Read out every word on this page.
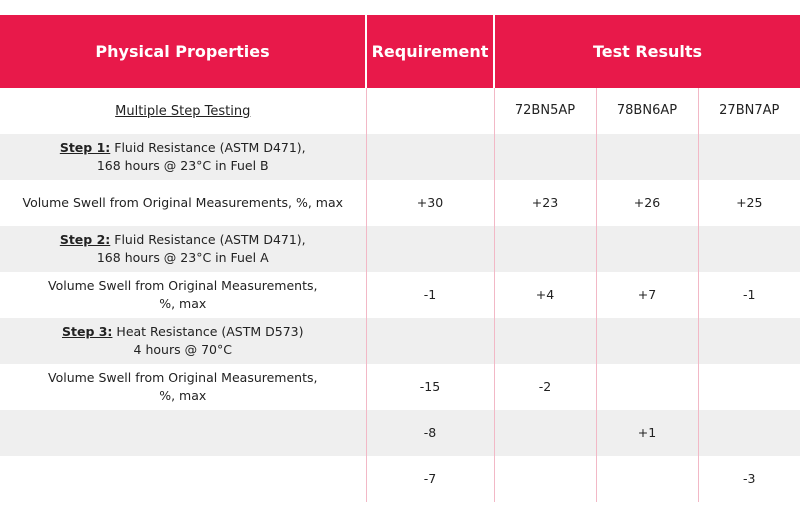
Physical Properties	Requirement	Test Results		
Multiple Step Testing		72BN5AP	78BN6AP	27BN7AP
Step 1: Fluid Resistance (ASTM D471),
168 hours @ 23°C in Fuel B				
Volume Swell from Original Measurements, %, max	+30	+23	+26	+25
Step 2: Fluid Resistance (ASTM D471),
168 hours @ 23°C in Fuel A				
Volume Swell from Original Measurements,
%, max	-1	+4	+7	-1
Step 3: Heat Resistance (ASTM D573)
4 hours @ 70°C				
Volume Swell from Original Measurements,
%, max	-15	-2		
	-8		+1	
	-7			-3
